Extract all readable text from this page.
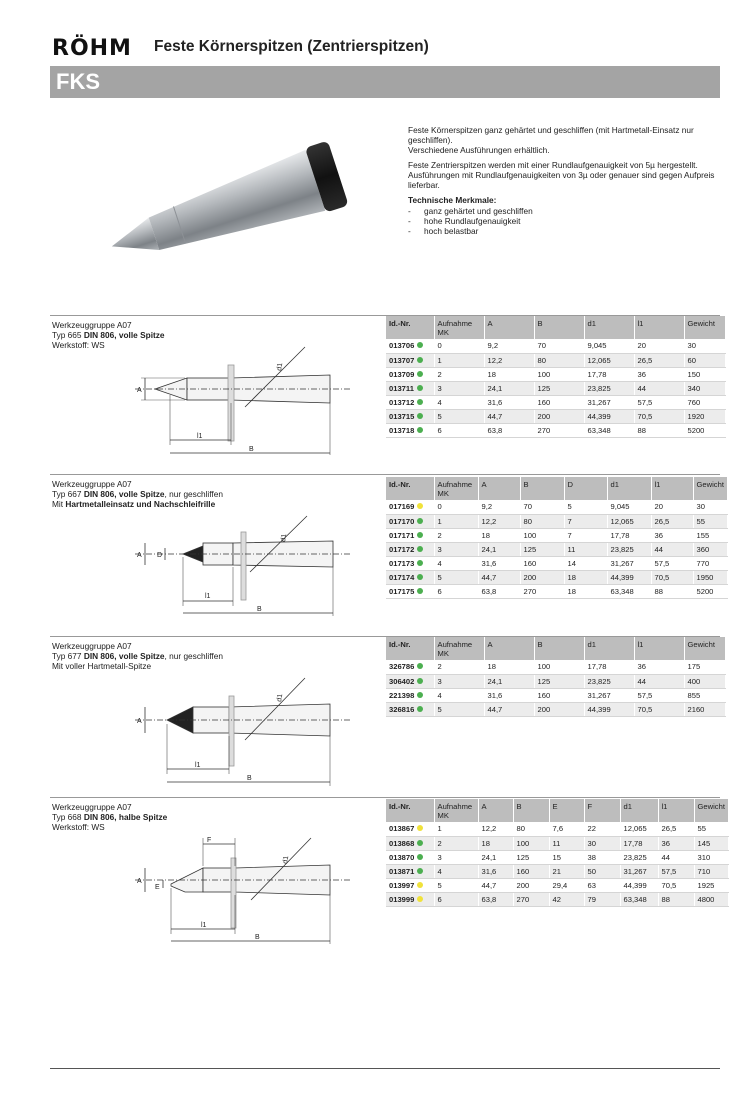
RÖHM Feste Körnerspitzen (Zentrierspitzen)
FKS

Feste Körnerspitzen ganz gehärtet und geschliffen (mit Hartmetall-Einsatz nur geschliffen).
Verschiedene Ausführungen erhältlich.

Feste Zentrierspitzen werden mit einer Rundlaufgenauigkeit von 5µ hergestellt.
Ausführungen mit Rundlaufgenauigkeiten von 3µ oder genauer sind gegen Aufpreis lieferbar.

Technische Merkmale:
-	ganz gehärtet und geschliffen
-	hohe Rundlaufgenauigkeit
-	hoch belastbar
Werkzeuggruppe A07
Typ 665 DIN 806, volle Spitze
Werkstoff: WS
A
l1
B
d1
Id.-Nr.	Aufnahme MK	A	B	d1	l1	Gewicht
013706	0	9,2	70	9,045	20	30
013707	1	12,2	80	12,065	26,5	60
013709	2	18	100	17,78	36	150
013711	3	24,1	125	23,825	44	340
013712	4	31,6	160	31,267	57,5	760
013715	5	44,7	200	44,399	70,5	1920
013718	6	63,8	270	63,348	88	5200
Werkzeuggruppe A07
Typ 667 DIN 806, volle Spitze, nur geschliffen
Mit Hartmetalleinsatz und Nachschleifrille
A D
l1
B
d1
Id.-Nr.	Aufnahme MK	A	B	D	d1	l1	Gewicht
017169	0	9,2	70	5	9,045	20	30
017170	1	12,2	80	7	12,065	26,5	55
017171	2	18	100	7	17,78	36	155
017172	3	24,1	125	11	23,825	44	360
017173	4	31,6	160	14	31,267	57,5	770
017174	5	44,7	200	18	44,399	70,5	1950
017175	6	63,8	270	18	63,348	88	5200
Werkzeuggruppe A07
Typ 677 DIN 806, volle Spitze, nur geschliffen
Mit voller Hartmetall-Spitze
A
l1
B
d1
Id.-Nr.	Aufnahme MK	A	B	d1	l1	Gewicht
326786	2	18	100	17,78	36	175
306402	3	24,1	125	23,825	44	400
221398	4	31,6	160	31,267	57,5	855
326816	5	44,7	200	44,399	70,5	2160
Werkzeuggruppe A07
Typ 668 DIN 806, halbe Spitze
Werkstoff: WS
A
E
F
l1
B
d1
Id.-Nr.	Aufnahme MK	A	B	E	F	d1	l1	Gewicht
013867	1	12,2	80	7,6	22	12,065	26,5	55
013868	2	18	100	11	30	17,78	36	145
013870	3	24,1	125	15	38	23,825	44	310
013871	4	31,6	160	21	50	31,267	57,5	710
013997	5	44,7	200	29,4	63	44,399	70,5	1925
013999	6	63,8	270	42	79	63,348	88	4800
